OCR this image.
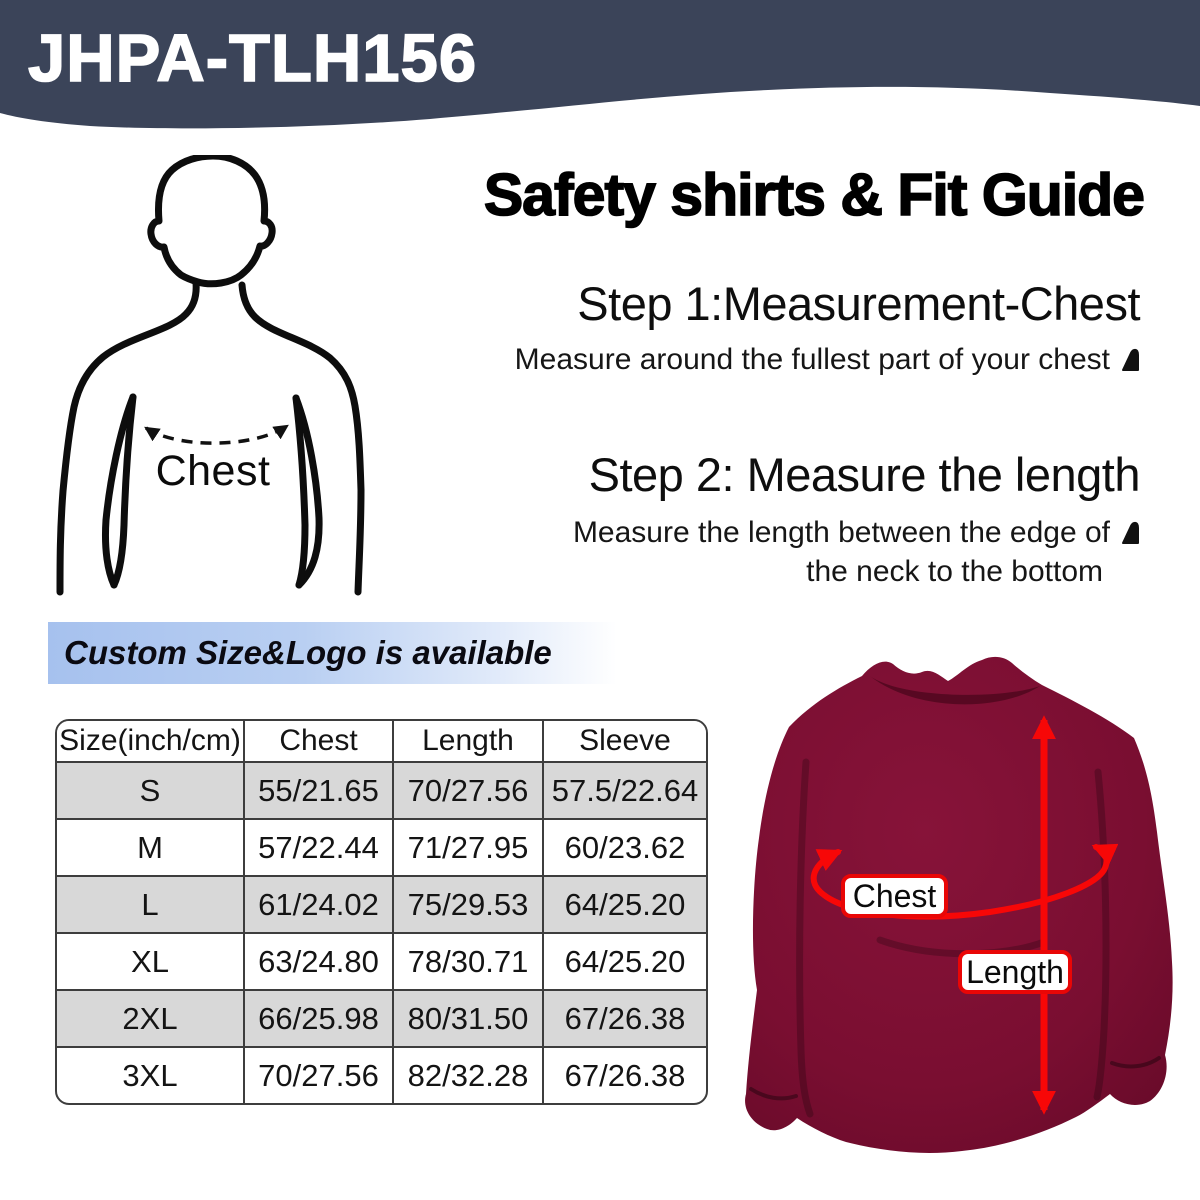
JHPA-TLH156
Chest
Safety shirts & Fit Guide
Step 1:Measurement-Chest
Measure around the fullest part of your chest
Step 2: Measure the length
Measure the length between the edge of
the neck to the bottom
Custom Size&Logo is available
Size(inch/cm)	Chest	Length	Sleeve
S	55/21.65	70/27.56	57.5/22.64
M	57/22.44	71/27.95	60/23.62
L	61/24.02	75/29.53	64/25.20
XL	63/24.80	78/30.71	64/25.20
2XL	66/25.98	80/31.50	67/26.38
3XL	70/27.56	82/32.28	67/26.38
Chest
Length
